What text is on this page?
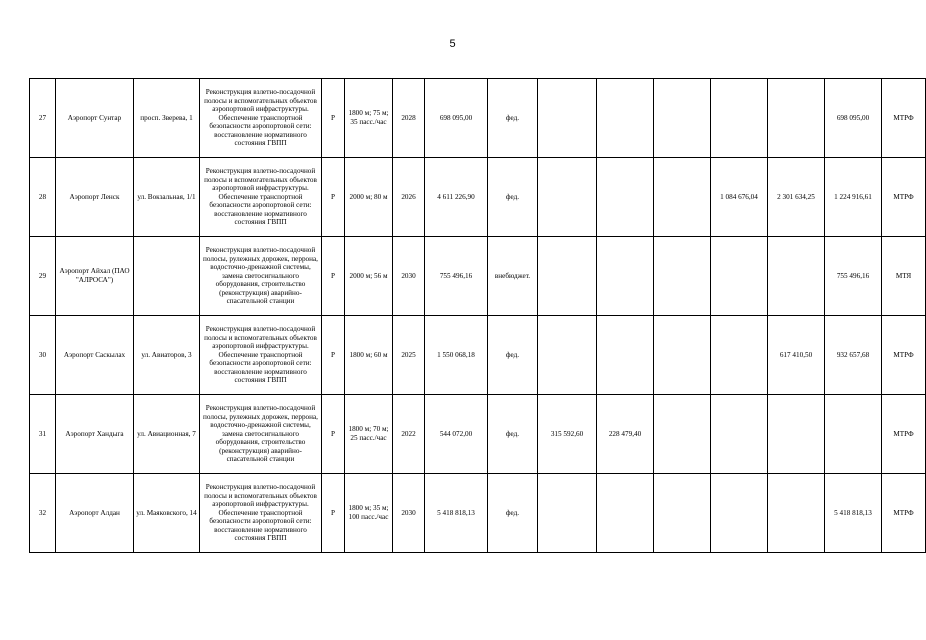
5
27	Аэропорт Сунтар	просп. Зверева, 1	Реконструкция взлетно-посадочной полосы и вспомогательных объектов аэропортовой инфраструктуры. Обеспечение транспортной безопасности аэропортовой сети: восстановление нормативного состояния ГВПП	Р	1800 м; 75 м; 35 пасс./час	2028	698 095,00	фед.						698 095,00	МТРФ
28	Аэропорт Ленск	ул. Вокзальная, 1/1	Реконструкция взлетно-посадочной полосы и вспомогательных объектов аэропортовой инфраструктуры. Обеспечение транспортной безопасности аэропортовой сети: восстановление нормативного состояния ГВПП	Р	2000 м; 80 м	2026	4 611 226,90	фед.				1 084 676,04	2 301 634,25	1 224 916,61	МТРФ
29	Аэропорт Айхал (ПАО "АЛРОСА")		Реконструкция взлетно-посадочной полосы, рулежных дорожек, перрона, водосточно-дренажной системы, замена светосигнального оборудования, строительство (реконструкция) аварийно-спасательной станции	Р	2000 м; 56 м	2030	755 496,16	внебюджет.						755 496,16	МТЯ
30	Аэропорт Саскылах	ул. Авиаторов, 3	Реконструкция взлетно-посадочной полосы и вспомогательных объектов аэропортовой инфраструктуры. Обеспечение транспортной безопасности аэропортовой сети: восстановление нормативного состояния ГВПП	Р	1800 м; 60 м	2025	1 550 068,18	фед.					617 410,50	932 657,68	МТРФ
31	Аэропорт Хандыга	ул. Авиационная, 7	Реконструкция взлетно-посадочной полосы, рулежных дорожек, перрона, водосточно-дренажной системы, замена светосигнального оборудования, строительство (реконструкция) аварийно-спасательной станции	Р	1800 м; 70 м; 25 пасс./час	2022	544 072,00	фед.	315 592,60	228 479,40					МТРФ
32	Аэропорт Алдан	ул. Маяковского, 14	Реконструкция взлетно-посадочной полосы и вспомогательных объектов аэропортовой инфраструктуры. Обеспечение транспортной безопасности аэропортовой сети: восстановление нормативного состояния ГВПП	Р	1800 м; 35 м; 100 пасс./час	2030	5 418 818,13	фед.						5 418 818,13	МТРФ
